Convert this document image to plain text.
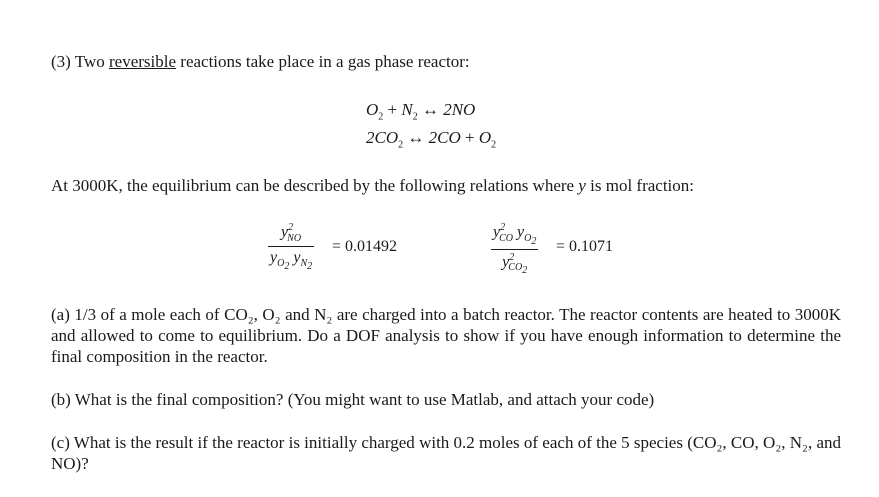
(3) Two reversible reactions take place in a gas phase reactor:
$O_2 + N_2$ ↔ 2NO
$2CO_2$ ↔ $2CO + O_2$
At 3000K, the equilibrium can be described by the following relations where y is mol fraction:
$y^2_{NO}$
$y_{O_2}$ $y_{N_2}$
= 0.01492
$y^2_{CO}$ $y_{O_2}$
$y^2_{CO_2}$
= 0.1071
(a) 1/3 of a mole each of CO₂, O₂ and N₂ are charged into a batch reactor. The reactor contents are heated to 3000K and allowed to come to equilibrium. Do a DOF analysis to show if you have enough information to determine the final composition in the reactor.
(b) What is the final composition? (You might want to use Matlab, and attach your code)
(c) What is the result if the reactor is initially charged with 0.2 moles of each of the 5 species (CO₂, CO, O₂, N₂, and NO)?
